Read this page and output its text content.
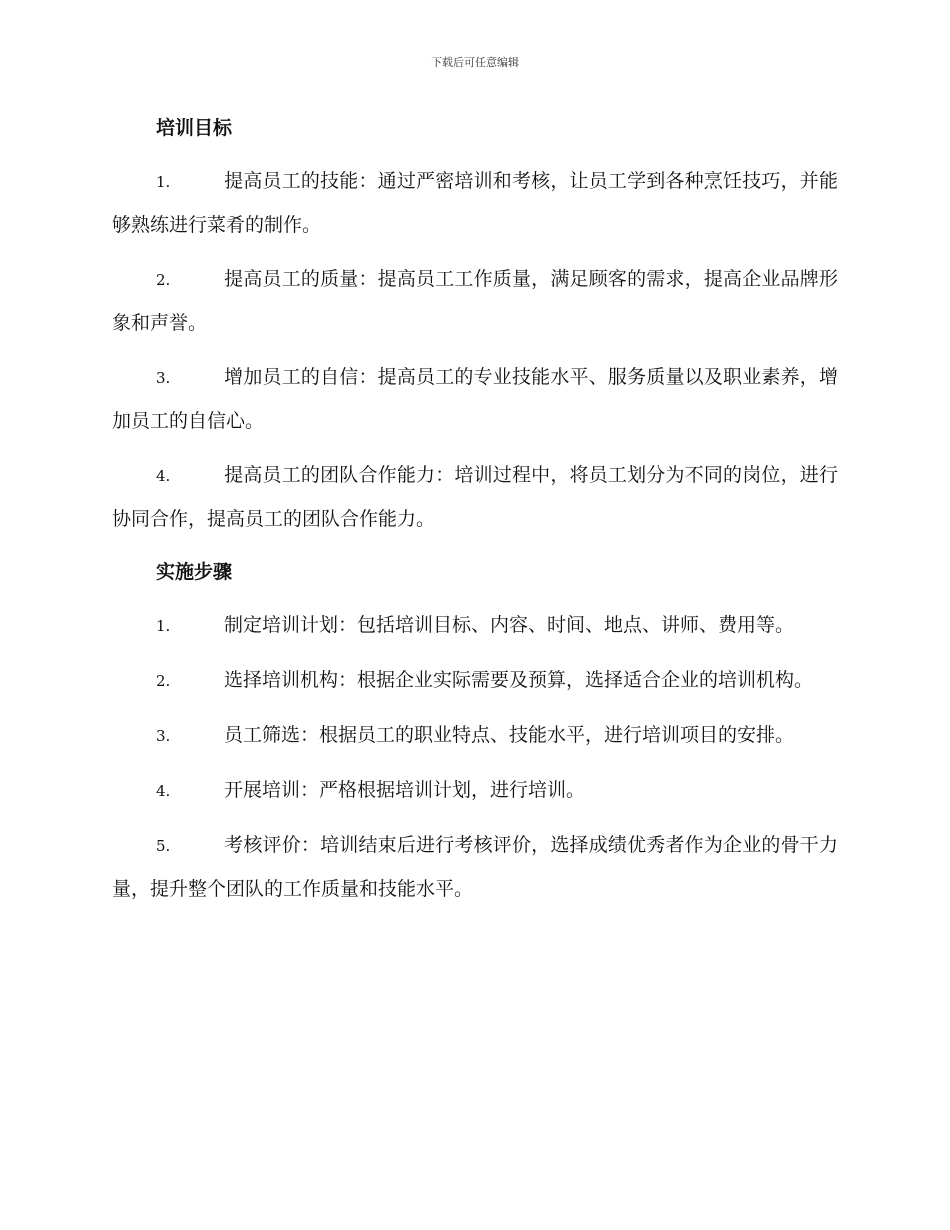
下载后可任意编辑
培训目标
1.	提高员工的技能：通过严密培训和考核，让员工学到各种烹饪技巧，并能够熟练进行菜肴的制作。
2.	提高员工的质量：提高员工工作质量，满足顾客的需求，提高企业品牌形象和声誉。
3.	增加员工的自信：提高员工的专业技能水平、服务质量以及职业素养，增加员工的自信心。
4.	提高员工的团队合作能力：培训过程中，将员工划分为不同的岗位，进行协同合作，提高员工的团队合作能力。
实施步骤
1.	制定培训计划：包括培训目标、内容、时间、地点、讲师、费用等。
2.	选择培训机构：根据企业实际需要及预算，选择适合企业的培训机构。
3.	员工筛选：根据员工的职业特点、技能水平，进行培训项目的安排。
4.	开展培训：严格根据培训计划，进行培训。
5.	考核评价：培训结束后进行考核评价，选择成绩优秀者作为企业的骨干力量，提升整个团队的工作质量和技能水平。
